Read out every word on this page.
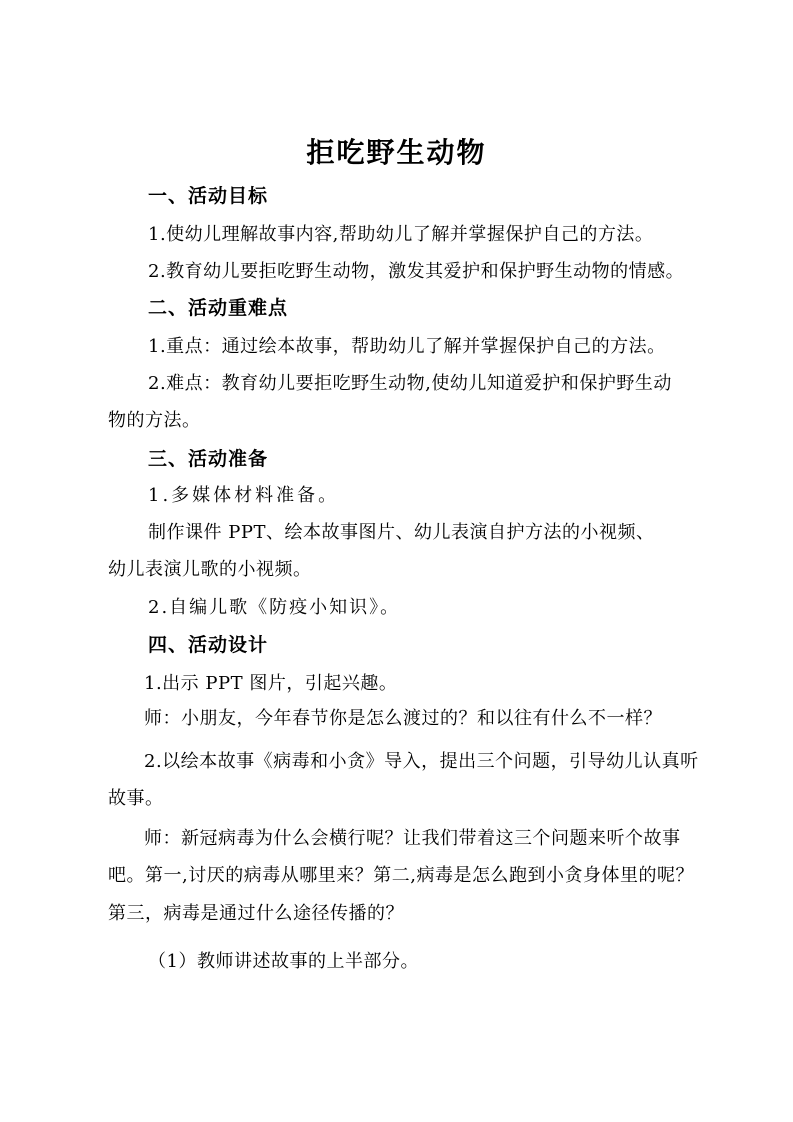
拒吃野生动物
一、活动目标
1.使幼儿理解故事内容,帮助幼儿了解并掌握保护自己的方法。
2.教育幼儿要拒吃野生动物，激发其爱护和保护野生动物的情感。
二、活动重难点
1.重点：通过绘本故事，帮助幼儿了解并掌握保护自己的方法。
2.难点：教育幼儿要拒吃野生动物,使幼儿知道爱护和保护野生动
物的方法。
三、活动准备
1.多媒体材料准备。
制作课件 PPT、绘本故事图片、幼儿表演自护方法的小视频、
幼儿表演儿歌的小视频。
2.自编儿歌《防疫小知识》。
四、活动设计
1.出示 PPT 图片，引起兴趣。
师：小朋友，今年春节你是怎么渡过的？和以往有什么不一样？
2.以绘本故事《病毒和小贪》导入，提出三个问题，引导幼儿认真听
故事。
师：新冠病毒为什么会横行呢？让我们带着这三个问题来听个故事
吧。第一,讨厌的病毒从哪里来？第二,病毒是怎么跑到小贪身体里的呢？
第三，病毒是通过什么途径传播的？
（1）教师讲述故事的上半部分。
